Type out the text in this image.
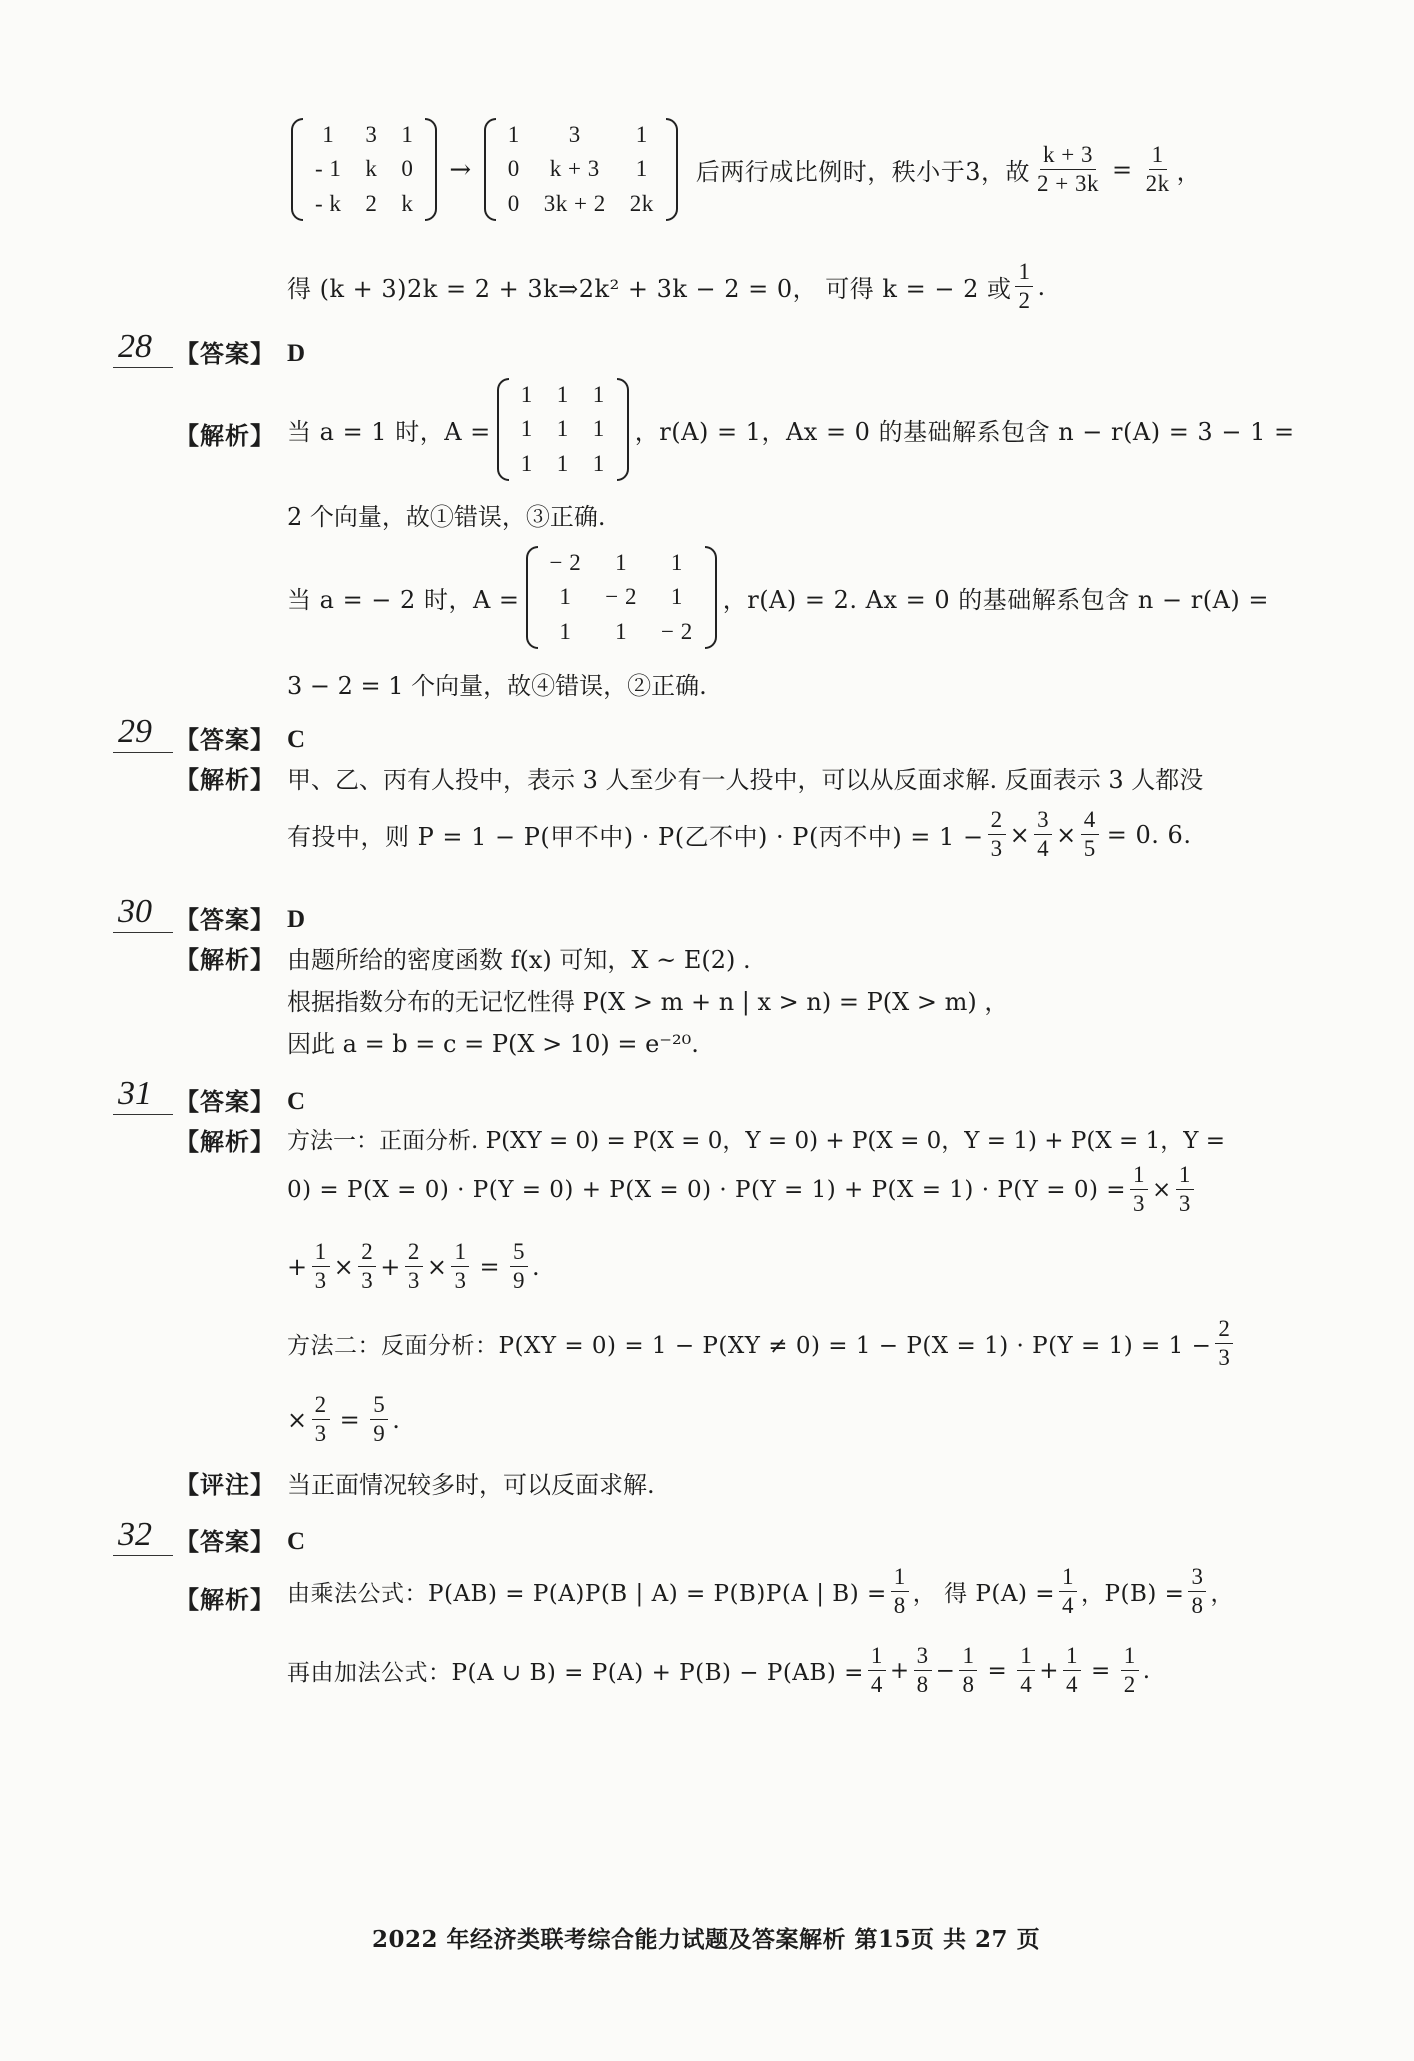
1	3	1
- 1	k	0
- k	2	k
→
1	3	1
0	k + 3	1
0	3k + 2	2k
后两行成比例时，秩小于3，故 $\frac{k + 3}{2 + 3k} = \frac{1}{2k}$ ，
得 (k + 3)2k = 2 + 3k⇒2k² + 3k − 2 = 0， 可得 k = − 2 或 $\frac{1}{2}$ .
28 【答案】 D
【解析】 当 a = 1 时，A =
1	1	1
1	1	1
1	1	1
，r(A) = 1，Ax = 0 的基础解系包含 n − r(A) = 3 − 1 =
2 个向量，故①错误，③正确.
当 a = − 2 时，A =
− 2	1	1
1	− 2	1
1	1	− 2
，r(A) = 2. Ax = 0 的基础解系包含 n − r(A) =
3 − 2 = 1 个向量，故④错误，②正确.
29 【答案】 C
【解析】 甲、乙、丙有人投中，表示 3 人至少有一人投中，可以从反面求解. 反面表示 3 人都没
有投中，则 P = 1 − P(甲不中) · P(乙不中) · P(丙不中) = $1 - \frac{2}{3} \times \frac{3}{4} \times \frac{4}{5} = 0$. 6.
30 【答案】 D
【解析】 由题所给的密度函数 f(x) 可知，X ~ E(2) .
根据指数分布的无记忆性得 P(X > m + n | x > n) = P(X > m) ，
因此 a = b = c = P(X > 10) = e⁻²⁰.
31 【答案】 C
【解析】 方法一：正面分析. P(XY = 0) = P(X = 0，Y = 0) + P(X = 0，Y = 1) + P(X = 1，Y =
$0) = P(X = 0) \cdot P(Y = 0) + P(X = 0) \cdot P(Y = 1) + P(X = 1) \cdot P(Y = 0) = \frac{1}{3} \times \frac{1}{3}$
+ $\frac{1}{3} \times \frac{2}{3} + \frac{2}{3} \times \frac{1}{3} = \frac{5}{9}$ .
方法二：反面分析：$P(XY = 0) = 1 - P(XY \ne 0) = 1 - P(X = 1) \cdot P(Y = 1) = 1 - \frac{2}{3}$
× $\frac{2}{3} = \frac{5}{9}$ .
【评注】 当正面情况较多时，可以反面求解.
32 【答案】 C
【解析】 由乘法公式：P(AB) = P(A)P(B | A) = P(B)P(A | $B) = \frac{1}{8}$ ， 得 $P(A) = \frac{1}{4}$ ，$P(B) = \frac{3}{8}$ ，
再由加法公式：P(A ∪ $B) = P(A) + P(B) - P(AB) = \frac{1}{4} + \frac{3}{8} - \frac{1}{8} = \frac{1}{4} + \frac{1}{4} = \frac{1}{2}$ .
2022 年经济类联考综合能力试题及答案解析 第15页 共 27 页
